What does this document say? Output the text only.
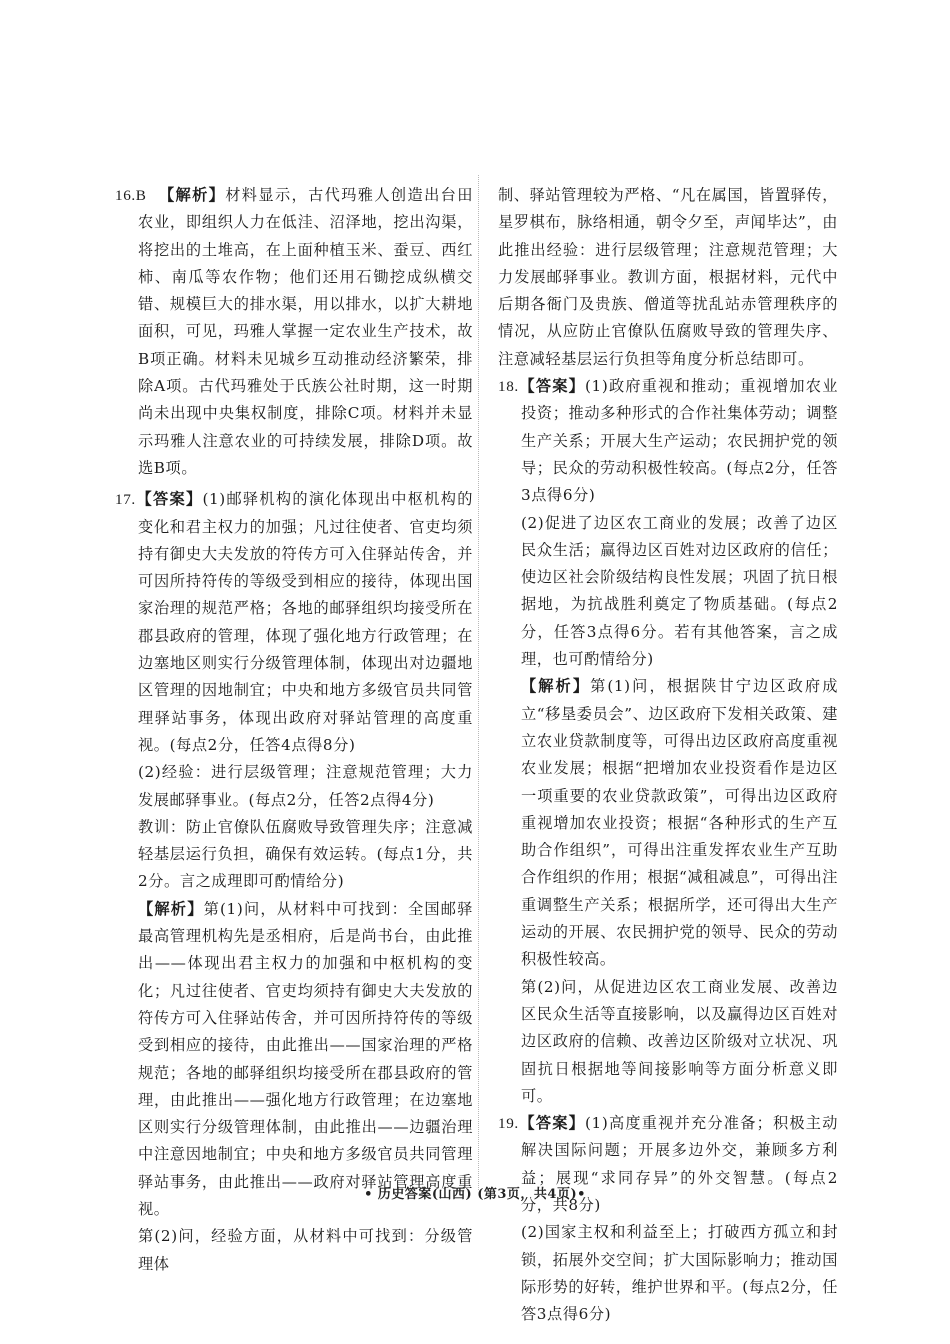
16.B 【解析】材料显示，古代玛雅人创造出台田农业，即组织人力在低洼、沼泽地，挖出沟渠，将挖出的土堆高，在上面种植玉米、蚕豆、西红柿、南瓜等农作物；他们还用石锄挖成纵横交错、规模巨大的排水渠，用以排水，以扩大耕地面积，可见，玛雅人掌握一定农业生产技术，故B项正确。材料未见城乡互动推动经济繁荣，排除A项。古代玛雅处于氏族公社时期，这一时期尚未出现中央集权制度，排除C项。材料并未显示玛雅人注意农业的可持续发展，排除D项。故选B项。
17.【答案】(1)邮驿机构的演化体现出中枢机构的变化和君主权力的加强；凡过往使者、官吏均须持有御史大夫发放的符传方可入住驿站传舍，并可因所持符传的等级受到相应的接待，体现出国家治理的规范严格；各地的邮驿组织均接受所在郡县政府的管理，体现了强化地方行政管理；在边塞地区则实行分级管理体制，体现出对边疆地区管理的因地制宜；中央和地方多级官员共同管理驿站事务，体现出政府对驿站管理的高度重视。(每点2分，任答4点得8分)
(2)经验：进行层级管理；注意规范管理；大力发展邮驿事业。(每点2分，任答2点得4分)
教训：防止官僚队伍腐败导致管理失序；注意减轻基层运行负担，确保有效运转。(每点1分，共2分。言之成理即可酌情给分)
【解析】第(1)问，从材料中可找到：全国邮驿最高管理机构先是丞相府，后是尚书台，由此推出——体现出君主权力的加强和中枢机构的变化；凡过往使者、官吏均须持有御史大夫发放的符传方可入住驿站传舍，并可因所持符传的等级受到相应的接待，由此推出——国家治理的严格规范；各地的邮驿组织均接受所在郡县政府的管理，由此推出——强化地方行政管理；在边塞地区则实行分级管理体制，由此推出——边疆治理中注意因地制宜；中央和地方多级官员共同管理驿站事务，由此推出——政府对驿站管理高度重视。
第(2)问，经验方面，从材料中可找到：分级管理体
制、驿站管理较为严格、“凡在属国，皆置驿传，星罗棋布，脉络相通，朝令夕至，声闻毕达”，由此推出经验：进行层级管理；注意规范管理；大力发展邮驿事业。教训方面，根据材料，元代中后期各衙门及贵族、僧道等扰乱站赤管理秩序的情况，从应防止官僚队伍腐败导致的管理失序、注意减轻基层运行负担等角度分析总结即可。
18.【答案】(1)政府重视和推动；重视增加农业投资；推动多种形式的合作社集体劳动；调整生产关系；开展大生产运动；农民拥护党的领导；民众的劳动积极性较高。(每点2分，任答3点得6分)
(2)促进了边区农工商业的发展；改善了边区民众生活；赢得边区百姓对边区政府的信任；使边区社会阶级结构良性发展；巩固了抗日根据地，为抗战胜利奠定了物质基础。(每点2分，任答3点得6分。若有其他答案，言之成理，也可酌情给分)
【解析】第(1)问，根据陕甘宁边区政府成立“移垦委员会”、边区政府下发相关政策、建立农业贷款制度等，可得出边区政府高度重视农业发展；根据“把增加农业投资看作是边区一项重要的农业贷款政策”，可得出边区政府重视增加农业投资；根据“各种形式的生产互助合作组织”，可得出注重发挥农业生产互助合作组织的作用；根据“减租减息”，可得出注重调整生产关系；根据所学，还可得出大生产运动的开展、农民拥护党的领导、民众的劳动积极性较高。
第(2)问，从促进边区农工商业发展、改善边区民众生活等直接影响，以及赢得边区百姓对边区政府的信赖、改善边区阶级对立状况、巩固抗日根据地等间接影响等方面分析意义即可。
19.【答案】(1)高度重视并充分准备；积极主动解决国际问题；开展多边外交，兼顾多方利益；展现“求同存异”的外交智慧。(每点2分，共8分)
(2)国家主权和利益至上；打破西方孤立和封锁，拓展外交空间；扩大国际影响力；推动国际形势的好转，维护世界和平。(每点2分，任答3点得6分)
• 历史答案(山西) (第3页，共4页)•
